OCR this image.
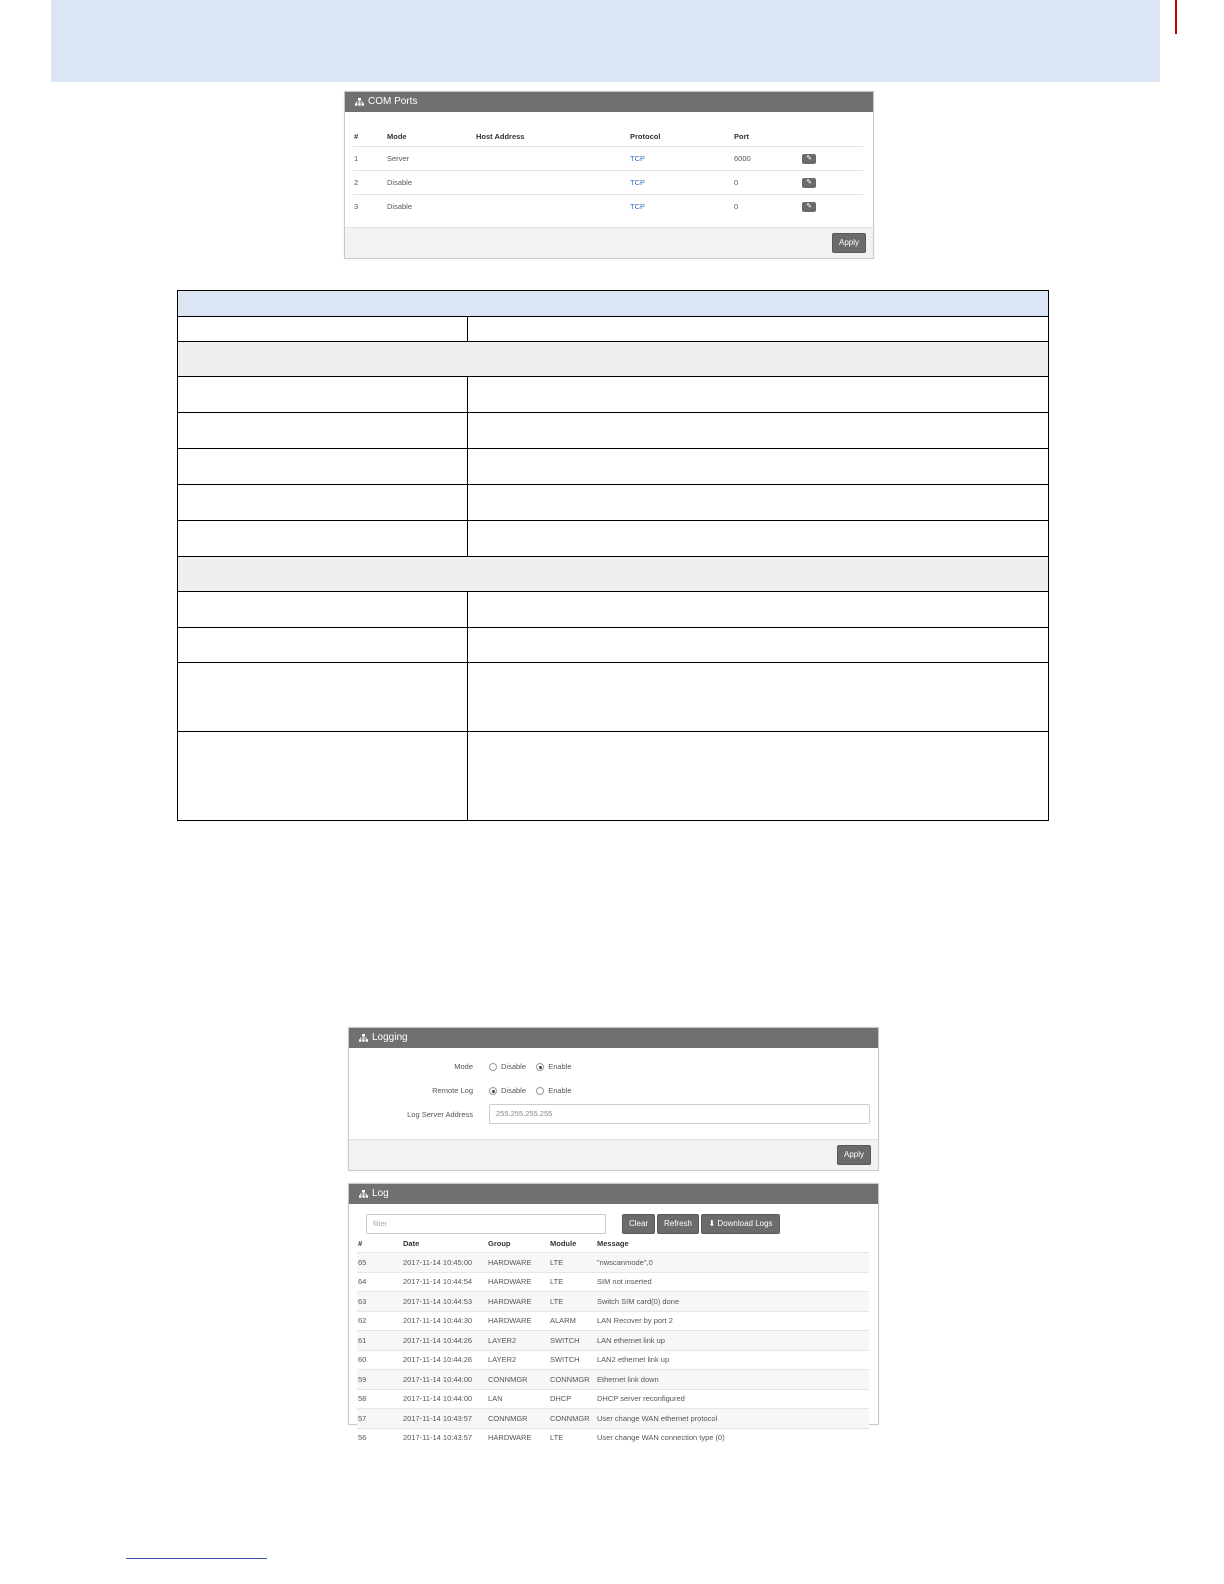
COM Ports
#	Mode	Host Address	Protocol	Port	
1	Server		TCP	6000	✎
2	Disable		TCP	0	✎
3	Disable		TCP	0	✎
Apply

Logging
Mode	Disable	Enable
Remote Log	Disable	Enable
Log Server Address	255.255.255.255
Apply
Log
filter	Clear	Refresh	⬇ Download Logs
#	Date	Group	Module	Message
65	2017-11-14 10:45:00	HARDWARE	LTE	"nwscanmode",0
64	2017-11-14 10:44:54	HARDWARE	LTE	SIM not inserted
63	2017-11-14 10:44:53	HARDWARE	LTE	Switch SIM card(0) done
62	2017-11-14 10:44:30	HARDWARE	ALARM	LAN Recover by port 2
61	2017-11-14 10:44:26	LAYER2	SWITCH	LAN ethernet link up
60	2017-11-14 10:44:26	LAYER2	SWITCH	LAN2 ethernet link up
59	2017-11-14 10:44:00	CONNMGR	CONNMGR	Ethernet link down
58	2017-11-14 10:44:00	LAN	DHCP	DHCP server reconfigured
57	2017-11-14 10:43:57	CONNMGR	CONNMGR	User change WAN ethernet protocol
56	2017-11-14 10:43:57	HARDWARE	LTE	User change WAN connection type (0)
